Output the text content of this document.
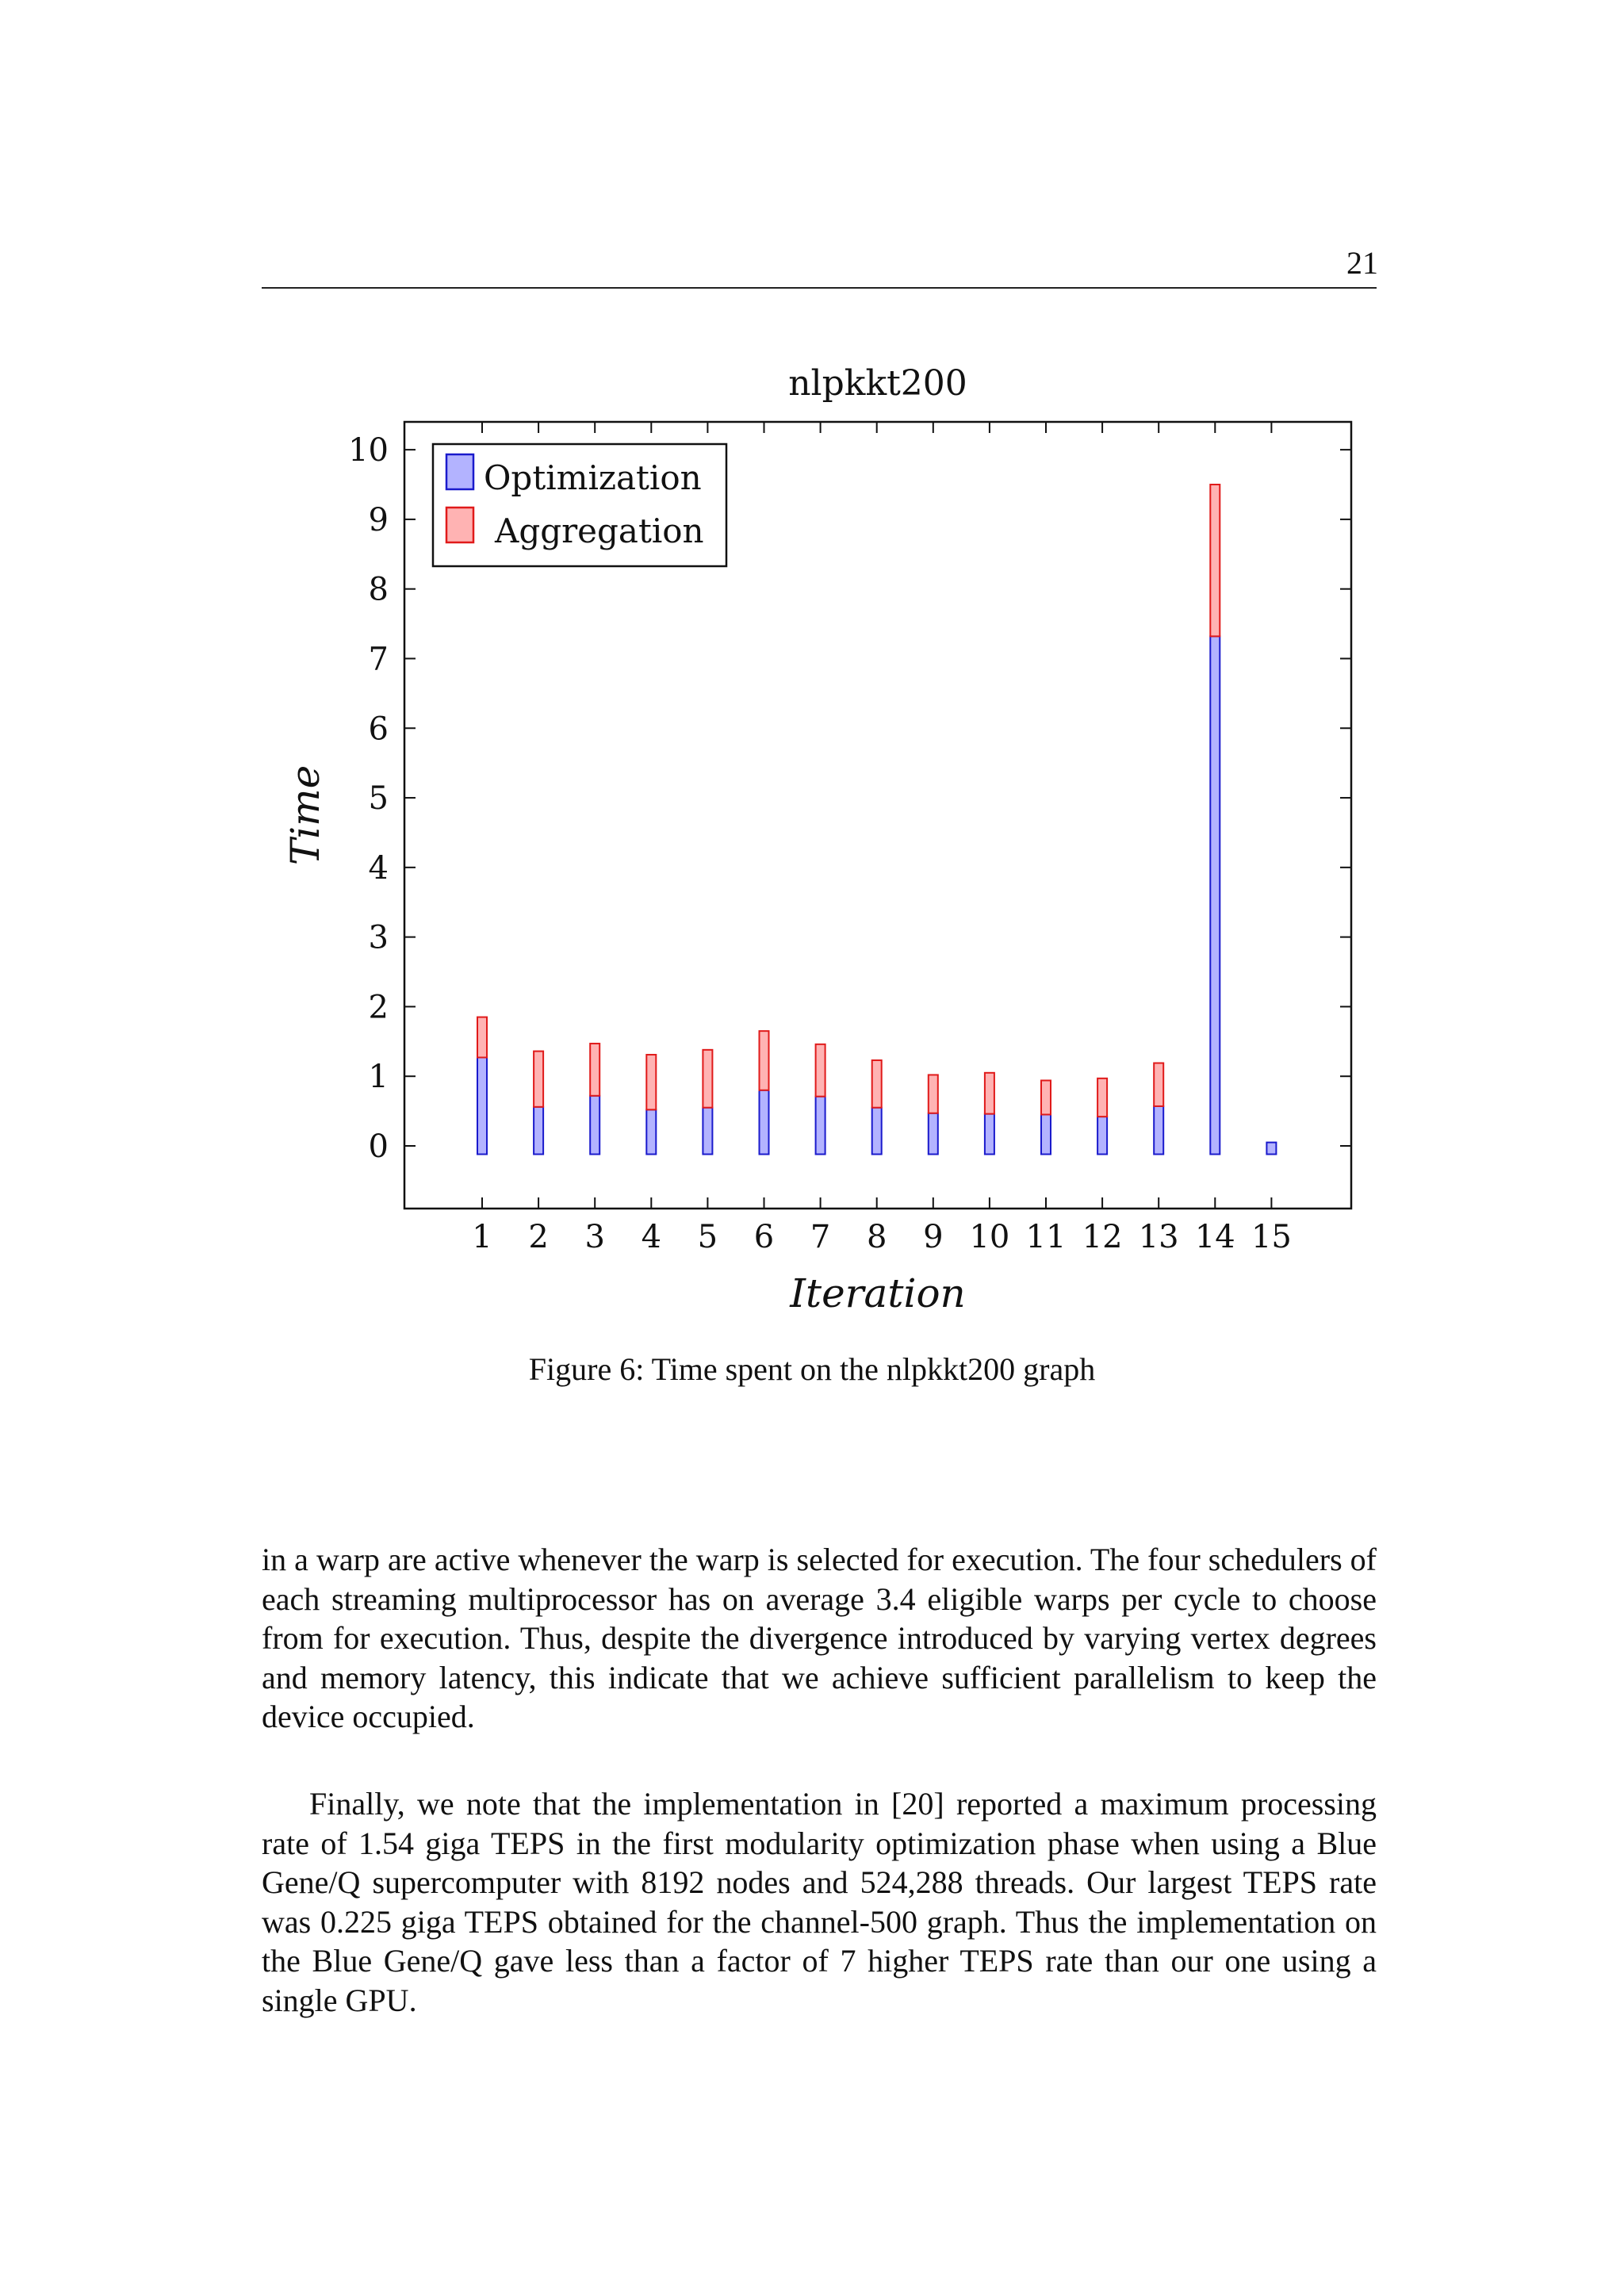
21
nlpkkt200
0
1
2
3
4
5
6
7
8
9
10
1 2 3 4 5 6 7 8 9 10 11 12 13 14 15
Time
Iteration
Optimization
Aggregation
Figure 6: Time spent on the nlpkkt200 graph

in a warp are active whenever the warp is selected for execution. The four schedulers of each streaming multiprocessor has on average 3.4 eligible warps per cycle to choose from for execution. Thus, despite the divergence introduced by varying vertex degrees and memory latency, this indicate that we achieve sufficient parallelism to keep the device occupied.

Finally, we note that the implementation in [20] reported a maximum processing rate of 1.54 giga TEPS in the first modularity optimization phase when using a Blue Gene/Q supercomputer with 8192 nodes and 524,288 threads. Our largest TEPS rate was 0.225 giga TEPS obtained for the channel-500 graph. Thus the implementation on the Blue Gene/Q gave less than a factor of 7 higher TEPS rate than our one using a single GPU.
